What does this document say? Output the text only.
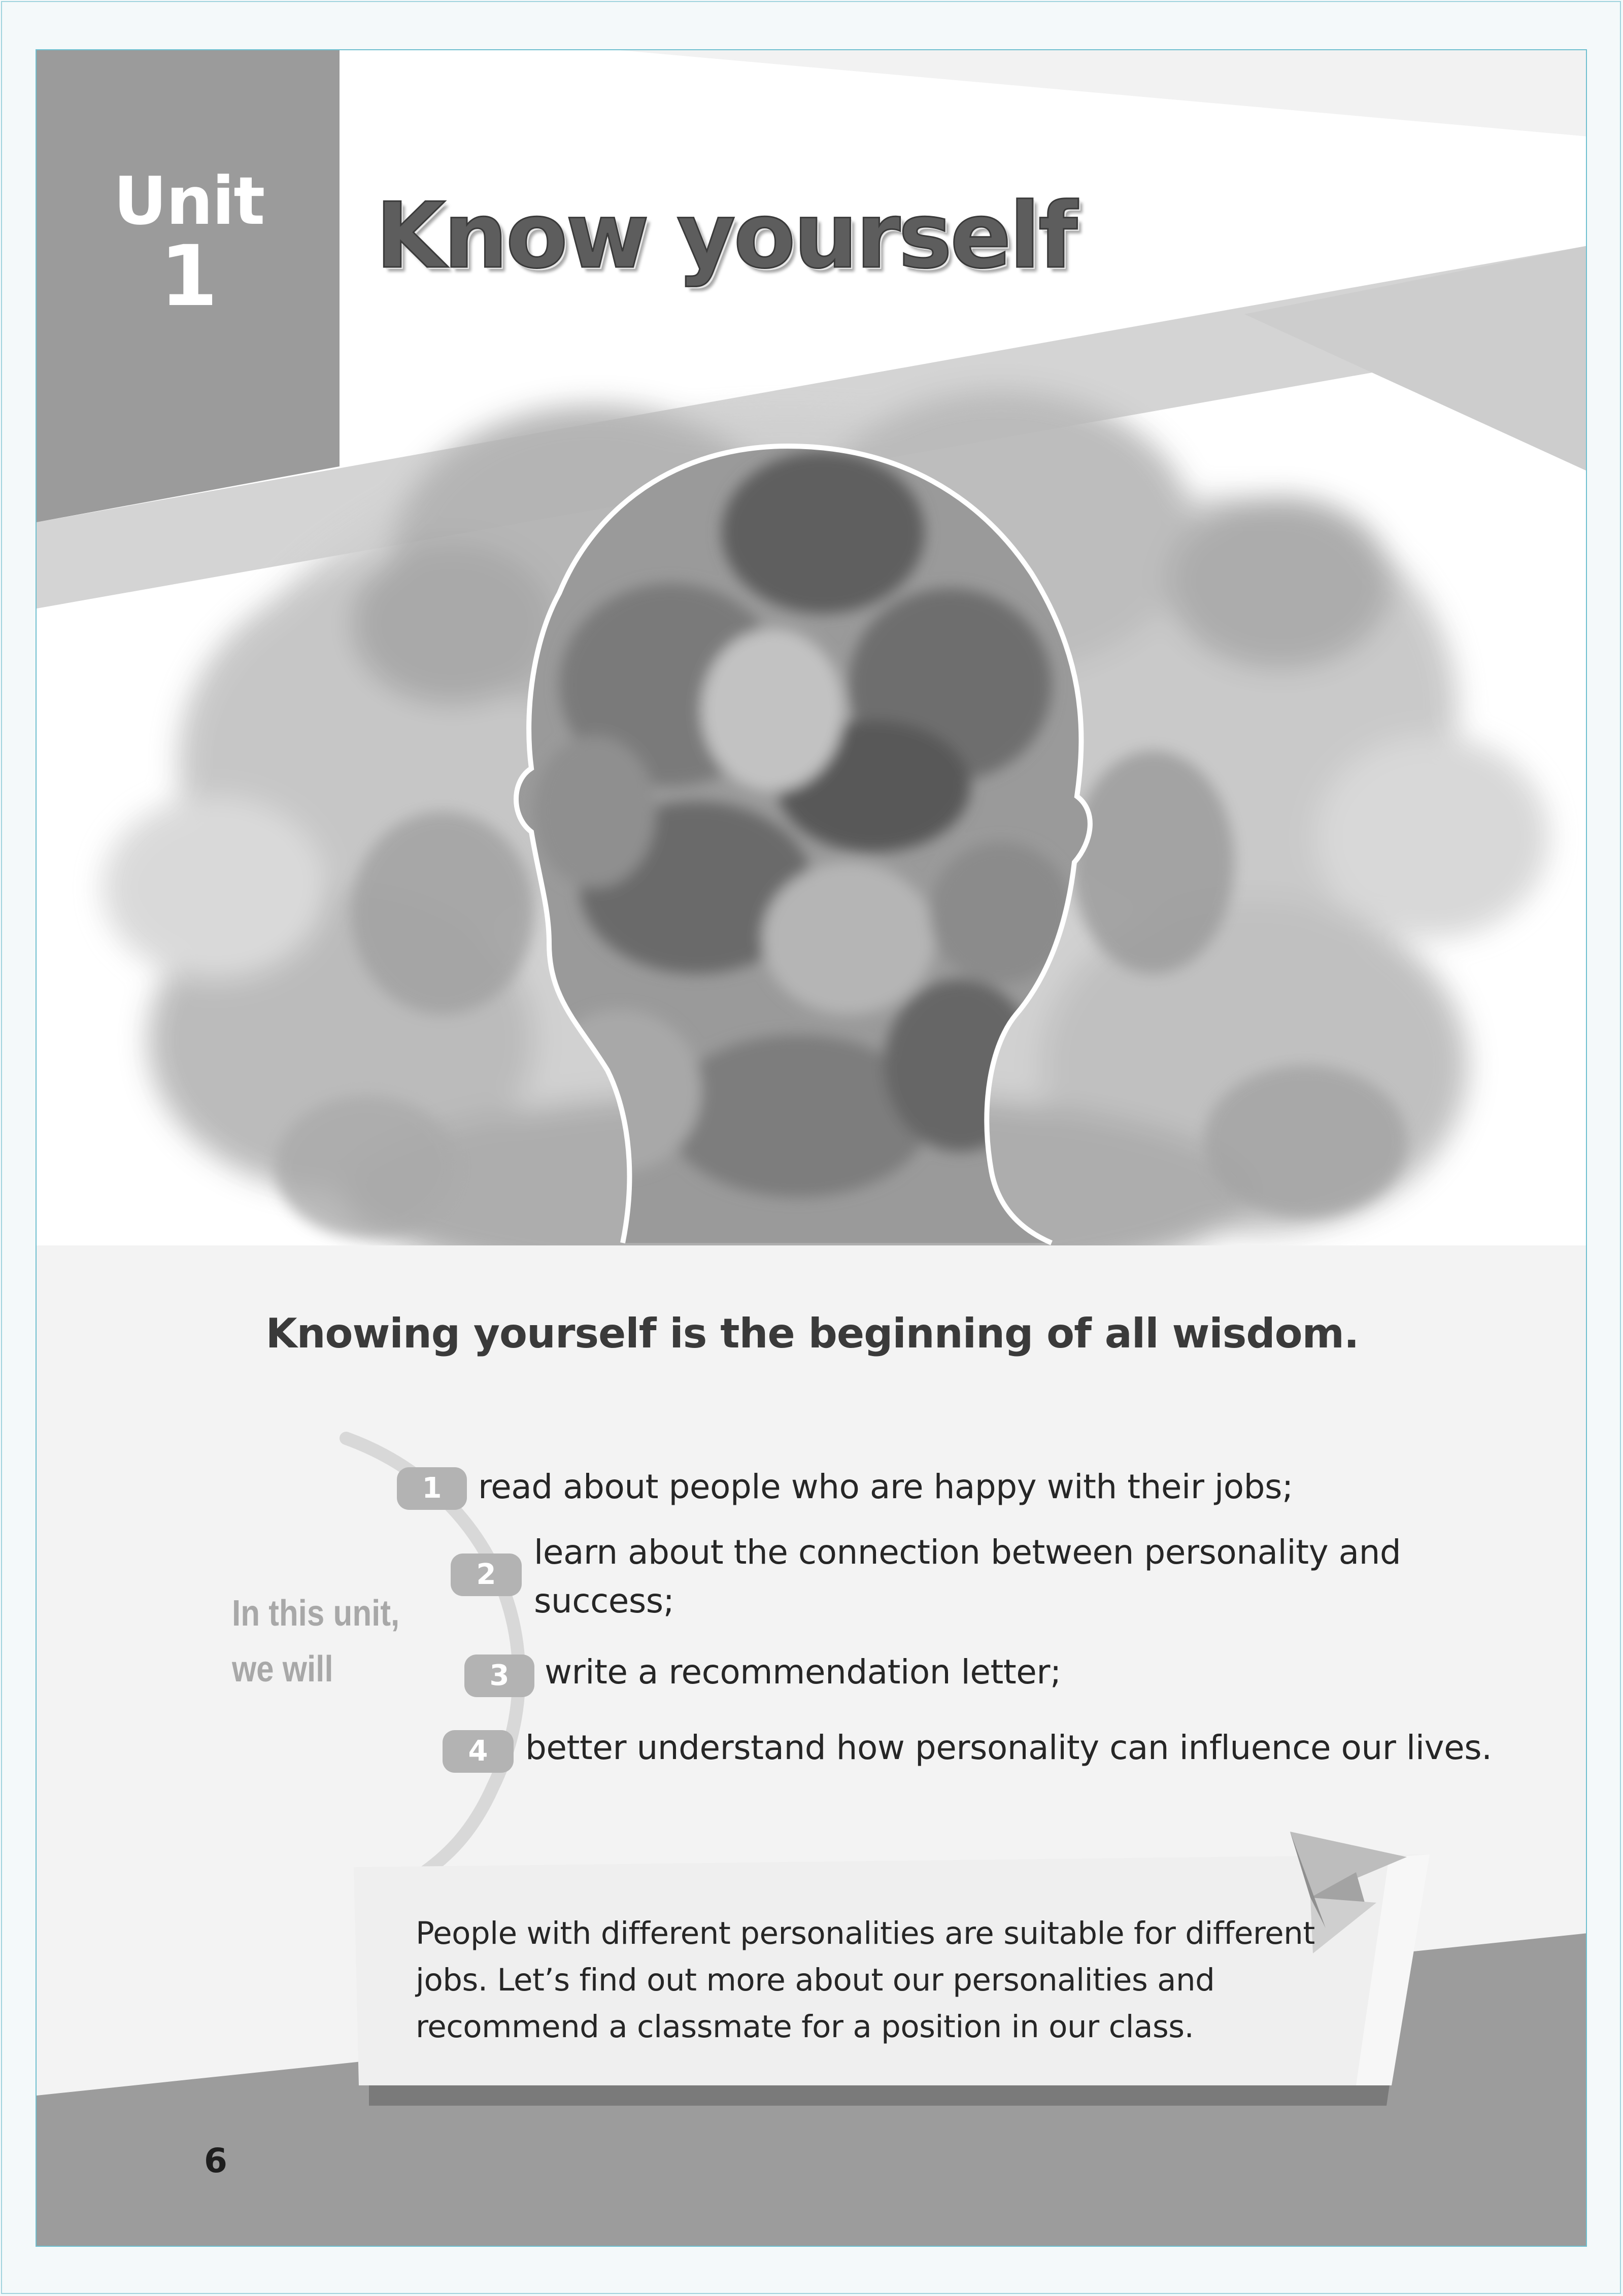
Unit
1	Know yourself
Knowing yourself is the beginning of all wisdom.
In this unit, we will
1	read about people who are happy with their jobs;
2
learn about the connection between personality and
success;
3	write a recommendation letter;
4	better understand how personality can influence our lives.
People with different personalities are suitable for different jobs. Let’s find out more about our personalities and recommend a classmate for a position in our class.
6
